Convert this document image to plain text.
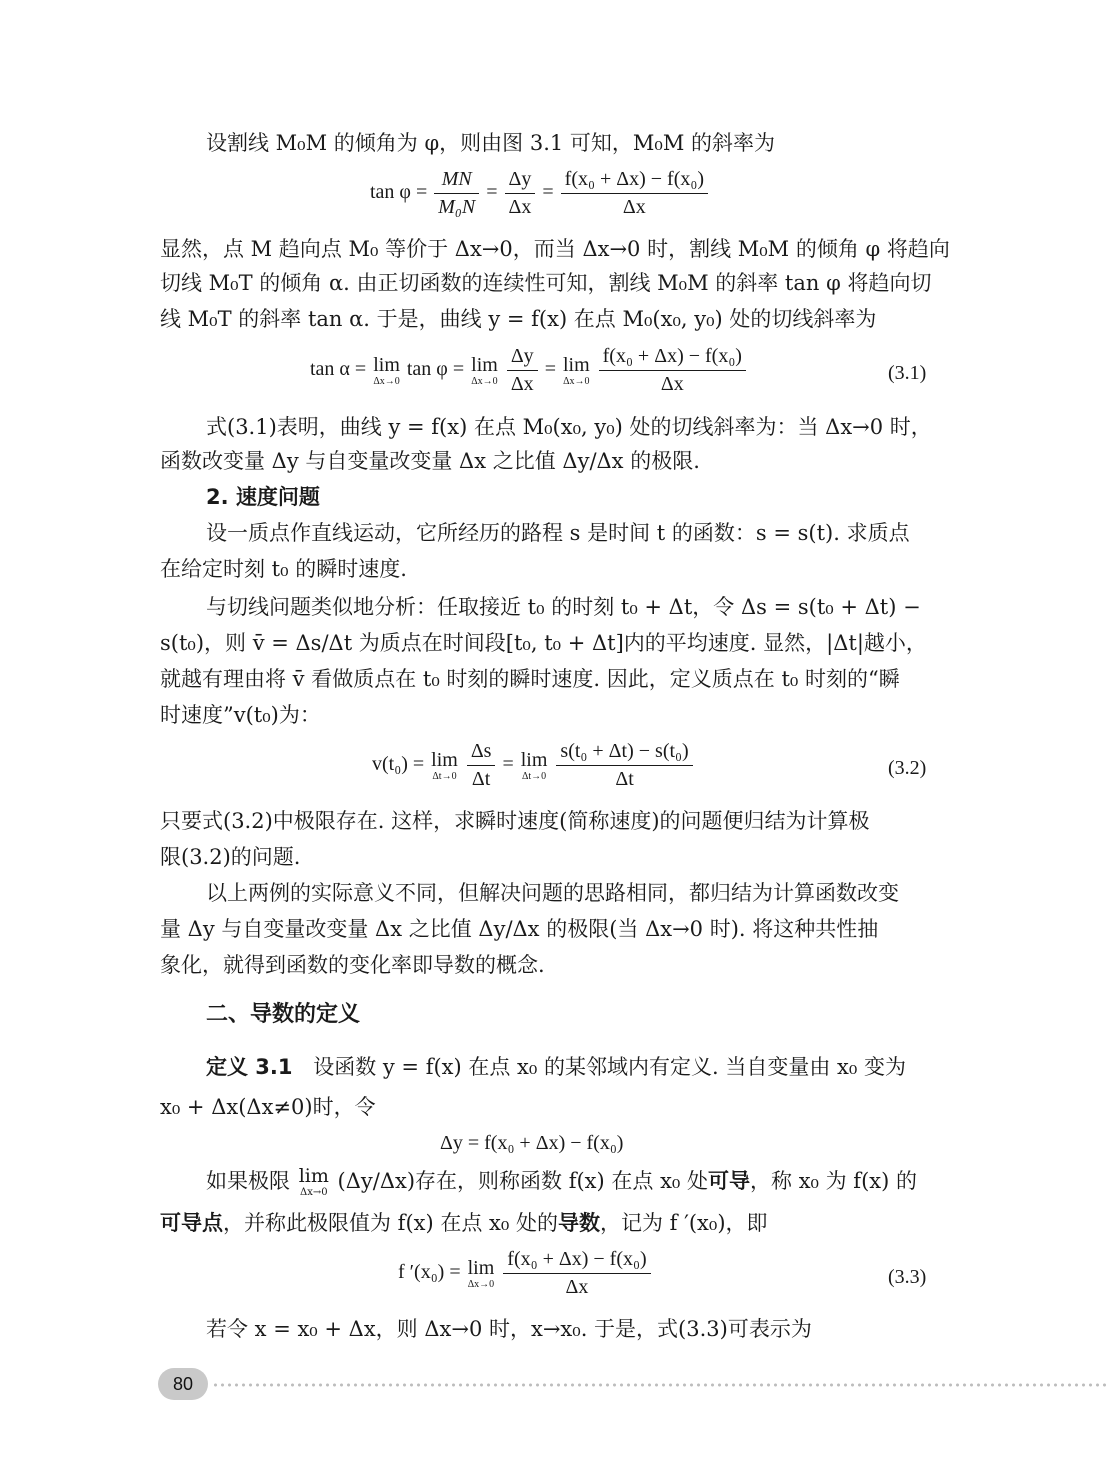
设割线 M₀M 的倾角为 φ，则由图 3.1 可知，M₀M 的斜率为
$\tan \varphi = \frac{MN}{\text{M₀N}} = \frac{\Delta y}{\Delta x} = \frac{\text{f(x₀ + Δx) − f(x₀)}}{\Delta x}$
显然，点 M 趋向点 M₀ 等价于 Δx→0，而当 Δx→0 时，割线 M₀M 的倾角 φ 将趋向
切线 M₀T 的倾角 α. 由正切函数的连续性可知，割线 M₀M 的斜率 tan φ 将趋向切
线 M₀T 的斜率 tan α. 于是，曲线 y = f(x) 在点 M₀(x₀, y₀) 处的切线斜率为
tan α = lim
Δx→0
tan φ = lim
Δx→0
$\frac{\Delta y}{\Delta x} = \lim$
Δx→0
$\frac{\text{f(x₀ + Δx) − f(x₀)}}{\Delta x}$	(3.1)
式(3.1)表明，曲线 y = f(x) 在点 M₀(x₀, y₀) 处的切线斜率为：当 Δx→0 时，
函数改变量 Δy 与自变量改变量 Δx 之比值 Δy/Δx 的极限.
2. 速度问题
设一质点作直线运动，它所经历的路程 s 是时间 t 的函数：s = s(t). 求质点
在给定时刻 t₀ 的瞬时速度.
与切线问题类似地分析：任取接近 t₀ 的时刻 t₀ + Δt，令 Δs = s(t₀ + Δt) −
s(t₀)，则 v̄ = Δs/Δt 为质点在时间段[t₀, t₀ + Δt]内的平均速度. 显然，|Δt|越小，
就越有理由将 v̄ 看做质点在 t₀ 时刻的瞬时速度. 因此，定义质点在 t₀ 时刻的“瞬
时速度”v(t₀)为：
v(t₀) = lim
Δt→0
$\frac{\Delta s}{\Delta t} = \lim$
Δt→0
$\frac{\text{s(t₀ + Δt) − s(t₀)}}{\Delta t}$	(3.2)
只要式(3.2)中极限存在. 这样，求瞬时速度(简称速度)的问题便归结为计算极
限(3.2)的问题.
以上两例的实际意义不同，但解决问题的思路相同，都归结为计算函数改变
量 Δy 与自变量改变量 Δx 之比值 Δy/Δx 的极限(当 Δx→0 时). 将这种共性抽
象化，就得到函数的变化率即导数的概念.
二、导数的定义
定义 3.1 设函数 y = f(x) 在点 x₀ 的某邻域内有定义. 当自变量由 x₀ 变为
x₀ + Δx(Δx≠0)时，令
Δy = f(x₀ + Δx) − f(x₀)
如果极限 lim
Δx→0 (Δy/Δx)存在，则称函数 f(x) 在点 x₀ 处可导，称 x₀ 为 f(x) 的
可导点，并称此极限值为 f(x) 在点 x₀ 处的导数，记为 f ′(x₀)，即
f ′(x₀) = lim
Δx→0
$\frac{\text{f(x₀ + Δx) − f(x₀)}}{\Delta x}$	(3.3)
若令 x = x₀ + Δx，则 Δx→0 时，x→x₀. 于是，式(3.3)可表示为
80
